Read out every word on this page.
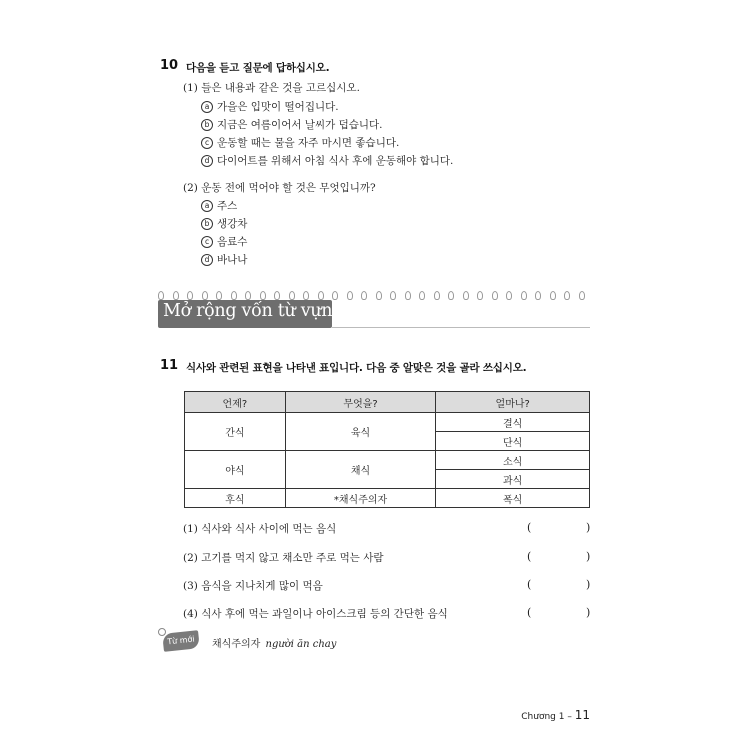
10 다음을 듣고 질문에 답하십시오.
(1) 들은 내용과 같은 것을 고르십시오.
a 가을은 입맛이 떨어집니다.
b 지금은 여름이어서 날씨가 덥습니다.
c 운동할 때는 물을 자주 마시면 좋습니다.
d 다이어트를 위해서 아침 식사 후에 운동해야 합니다.
(2) 운동 전에 먹어야 할 것은 무엇입니까?
a 주스
b 생강차
c 음료수
d 바나나
Mở rộng vốn từ vựng
11 식사와 관련된 표현을 나타낸 표입니다. 다음 중 알맞은 것을 골라 쓰십시오.
언제?	무엇을?	얼마나?
간식	육식	결식
		단식
야식	채식	소식
		과식
후식	*채식주의자	폭식
(1) 식사와 식사 사이에 먹는 음식	(	)
(2) 고기를 먹지 않고 채소만 주로 먹는 사람	(	)
(3) 음식을 지나치게 많이 먹음	(	)
(4) 식사 후에 먹는 과일이나 아이스크림 등의 간단한 음식	(	)
Từ mới	채식주의자 người ăn chay
Chương 1 – 11
